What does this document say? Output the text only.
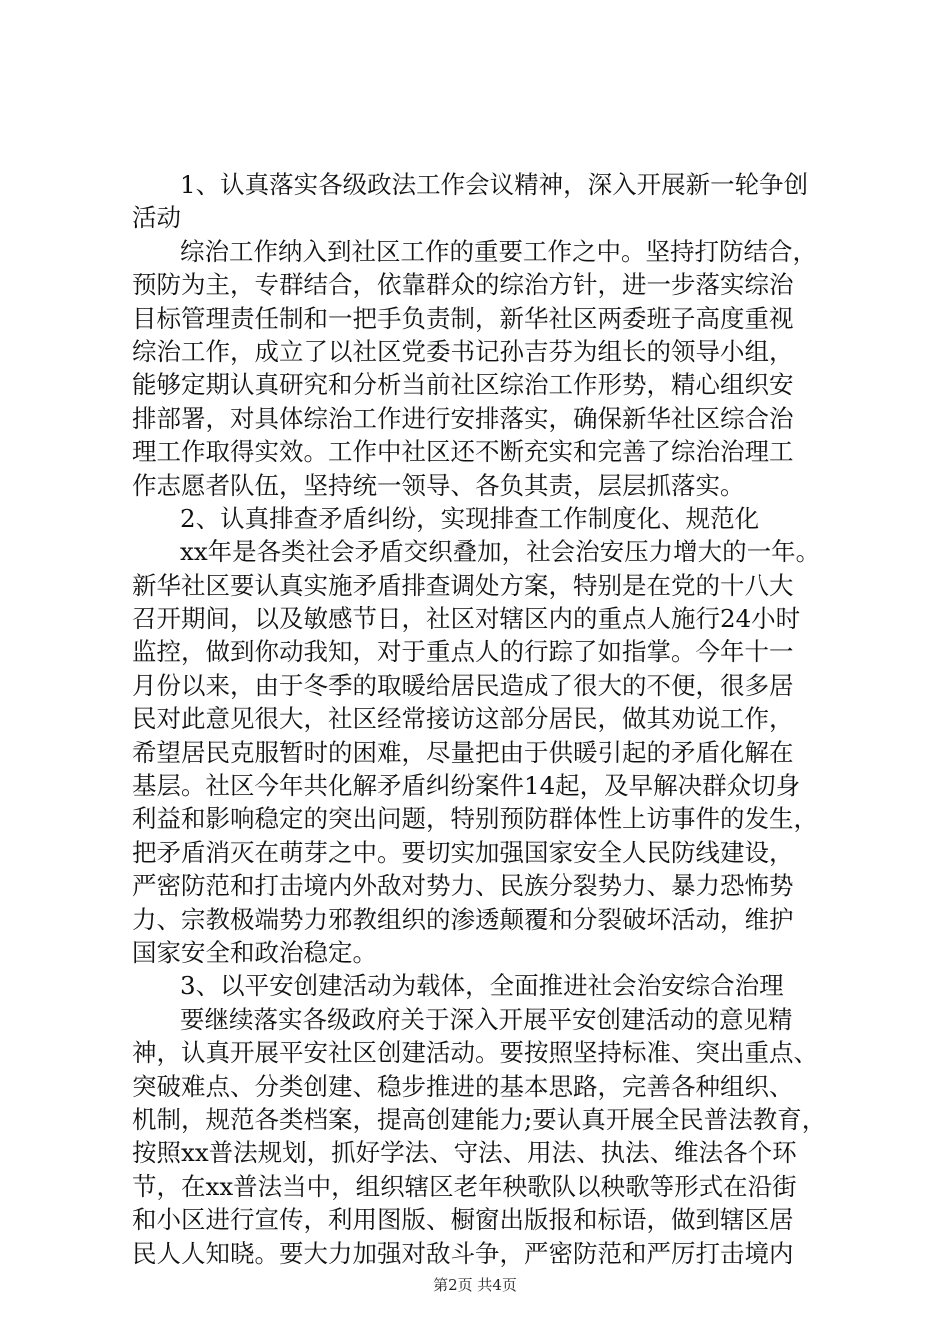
1、认真落实各级政法工作会议精神，深入开展新一轮争创
活动
综治工作纳入到社区工作的重要工作之中。坚持打防结合，
预防为主，专群结合，依靠群众的综治方针，进一步落实综治
目标管理责任制和一把手负责制，新华社区两委班子高度重视
综治工作，成立了以社区党委书记孙吉芬为组长的领导小组，
能够定期认真研究和分析当前社区综治工作形势，精心组织安
排部署，对具体综治工作进行安排落实，确保新华社区综合治
理工作取得实效。工作中社区还不断充实和完善了综治治理工
作志愿者队伍，坚持统一领导、各负其责，层层抓落实。
2、认真排查矛盾纠纷，实现排查工作制度化、规范化
xx年是各类社会矛盾交织叠加，社会治安压力增大的一年。
新华社区要认真实施矛盾排查调处方案，特别是在党的十八大
召开期间，以及敏感节日，社区对辖区内的重点人施行24小时
监控，做到你动我知，对于重点人的行踪了如指掌。今年十一
月份以来，由于冬季的取暖给居民造成了很大的不便，很多居
民对此意见很大，社区经常接访这部分居民，做其劝说工作，
希望居民克服暂时的困难，尽量把由于供暖引起的矛盾化解在
基层。社区今年共化解矛盾纠纷案件14起，及早解决群众切身
利益和影响稳定的突出问题，特别预防群体性上访事件的发生，
把矛盾消灭在萌芽之中。要切实加强国家安全人民防线建设，
严密防范和打击境内外敌对势力、民族分裂势力、暴力恐怖势
力、宗教极端势力邪教组织的渗透颠覆和分裂破坏活动，维护
国家安全和政治稳定。
3、以平安创建活动为载体，全面推进社会治安综合治理
要继续落实各级政府关于深入开展平安创建活动的意见精
神，认真开展平安社区创建活动。要按照坚持标准、突出重点、
突破难点、分类创建、稳步推进的基本思路，完善各种组织、
机制，规范各类档案，提高创建能力;要认真开展全民普法教育，
按照xx普法规划，抓好学法、守法、用法、执法、维法各个环
节，在xx普法当中，组织辖区老年秧歌队以秧歌等形式在沿街
和小区进行宣传，利用图版、橱窗出版报和标语，做到辖区居
民人人知晓。要大力加强对敌斗争，严密防范和严厉打击境内
第2页 共4页
